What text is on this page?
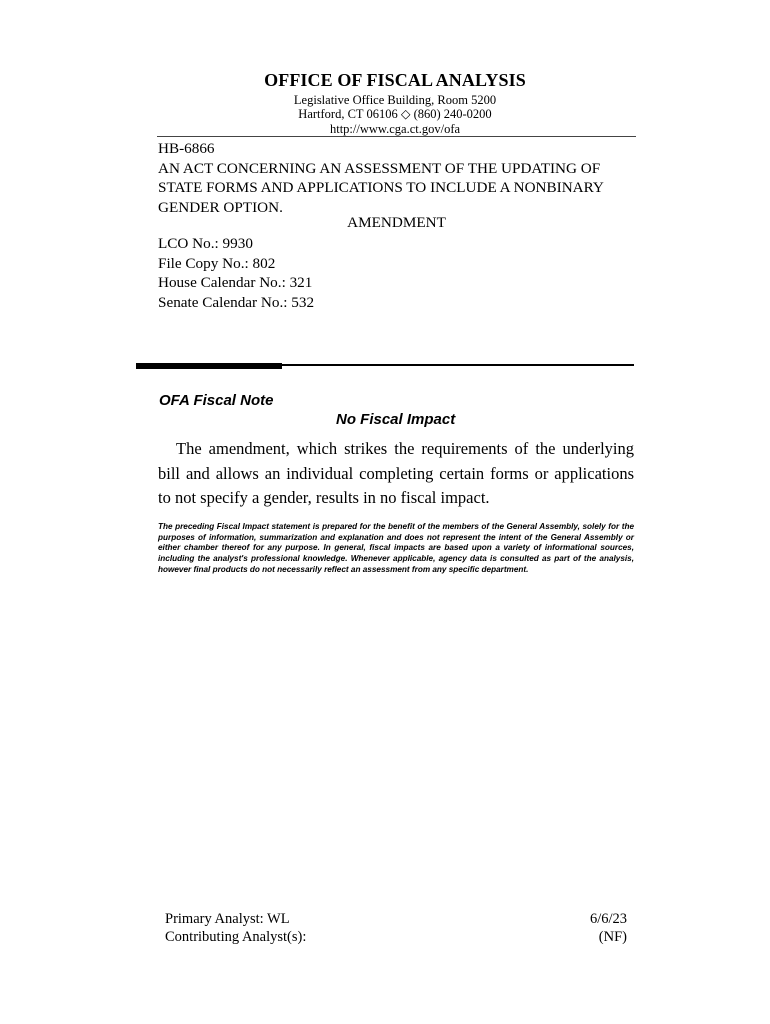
OFFICE OF FISCAL ANALYSIS
Legislative Office Building, Room 5200
Hartford, CT 06106 ◇ (860) 240-0200
http://www.cga.ct.gov/ofa
HB-6866
AN ACT CONCERNING AN ASSESSMENT OF THE UPDATING OF STATE FORMS AND APPLICATIONS TO INCLUDE A NONBINARY GENDER OPTION.
AMENDMENT
LCO No.: 9930
File Copy No.: 802
House Calendar No.: 321
Senate Calendar No.: 532
OFA Fiscal Note
No Fiscal Impact
The amendment, which strikes the requirements of the underlying bill and allows an individual completing certain forms or applications to not specify a gender, results in no fiscal impact.
The preceding Fiscal Impact statement is prepared for the benefit of the members of the General Assembly, solely for the purposes of information, summarization and explanation and does not represent the intent of the General Assembly or either chamber thereof for any purpose. In general, fiscal impacts are based upon a variety of informational sources, including the analyst's professional knowledge. Whenever applicable, agency data is consulted as part of the analysis, however final products do not necessarily reflect an assessment from any specific department.
Primary Analyst: WL
Contributing Analyst(s):
6/6/23
(NF)
